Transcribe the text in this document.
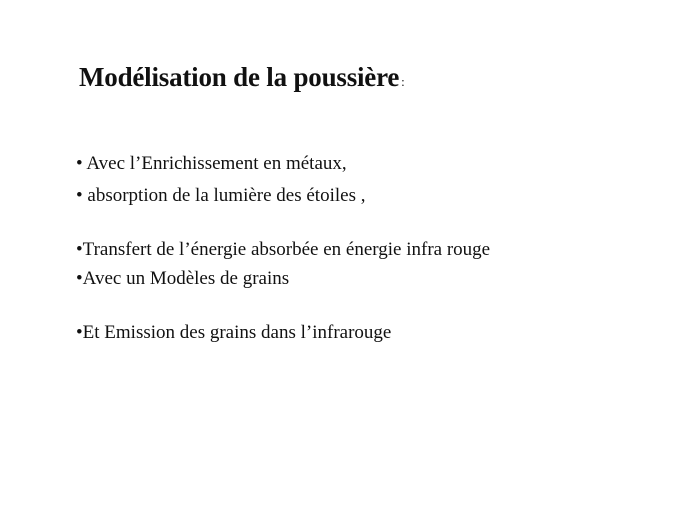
Modélisation de la poussière :
• Avec l’Enrichissement en métaux,
• absorption de la lumière des étoiles ,
•Transfert de l’énergie absorbée en énergie infra rouge
•Avec un Modèles de grains
•Et Emission des grains dans l’infrarouge
